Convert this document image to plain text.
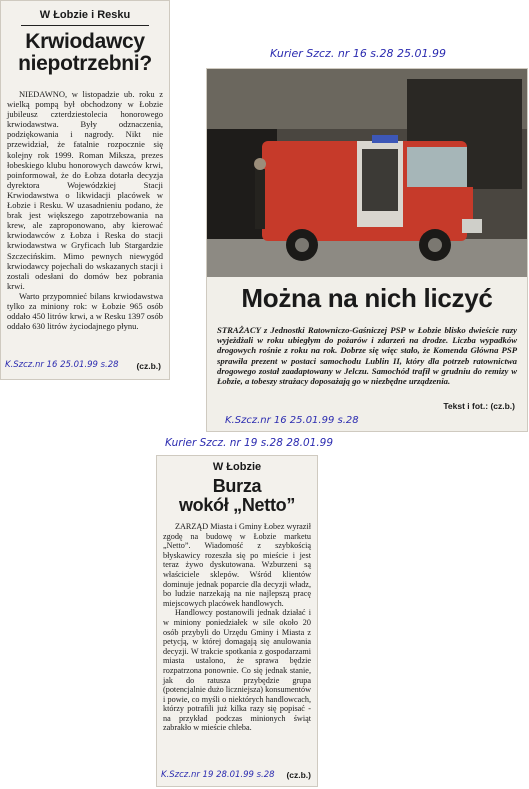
W Łobzie i Resku
Krwiodawcy
niepotrzebni?

NIEDAWNO, w listopadzie ub. roku z wielką pompą był obchodzony w Łobzie jubileusz czterdziestolecia honorowego krwiodawstwa. Były odznaczenia, podziękowania i nagrody. Nikt nie przewidział, że fatalnie rozpocznie się kolejny rok 1999. Roman Miksza, prezes łobeskiego klubu honorowych dawców krwi, poinformował, że do Łobza dotarła decyzja dyrektora Wojewódzkiej Stacji Krwiodawstwa o likwidacji placówek w Łobzie i Resku. W uzasadnieniu podano, że brak jest większego zapotrzebowania na krew, ale zaproponowano, aby kierować krwiodawców z Łobza i Reska do stacji krwiodawstwa w Gryficach lub Stargardzie Szczecińskim. Mimo pewnych niewygód krwiodawcy pojechali do wskazanych stacji i zostali odesłani do domów bez pobrania krwi.

Warto przypomnieć bilans krwiodawstwa tylko za miniony rok: w Łobzie 965 osób oddało 450 litrów krwi, a w Resku 1397 osób oddało 630 litrów życiodajnego płynu.

K.Szcz.nr 16 25.01.99 s.28 (cz.b.)
Kurier Szcz. nr 16 s.28 25.01.99
Można na nich liczyć
STRAŻACY z Jednostki Ratowniczo-Gaśniczej PSP w Łobzie blisko dwieście razy wyjeżdżali w roku ubiegłym do pożarów i zdarzeń na drodze. Liczba wypadków drogowych rośnie z roku na rok. Dobrze się więc stało, że Komenda Główna PSP sprawiła prezent w postaci samochodu Lublin II, który dla potrzeb ratownictwa drogowego został zaadaptowany w Jelczu. Samochód trafił w grudniu do remizy w Łobzie, a tobeszy strażacy doposażają go w niezbędne urządzenia.
Tekst i fot.: (cz.b.)
K.Szcz.nr 16 25.01.99 s.28
Kurier Szcz. nr 19 s.28 28.01.99
W Łobzie
Burza
wokół „Netto”

ZARZĄD Miasta i Gminy Łobez wyraził zgodę na budowę w Łobzie marketu „Netto”. Wiadomość z szybkością błyskawicy rozeszła się po mieście i jest teraz żywo dyskutowana. Wzburzeni są właściciele sklepów. Wśród klientów dominuje jednak poparcie dla decyzji władz, bo ludzie narzekają na nie najlepszą pracę miejscowych placówek handlowych.

Handlowcy postanowili jednak działać i w miniony poniedziałek w sile około 20 osób przybyli do Urzędu Gminy i Miasta z petycją, w której domagają się anulowania decyzji. W trakcie spotkania z gospodarzami miasta ustalono, że sprawa będzie rozpatrzona ponownie. Co się jednak stanie, jak do ratusza przybędzie grupa (potencjalnie dużo liczniejsza) konsumentów i powie, co myśli o niektórych handlowcach, którzy potrafili już kilka razy się popisać - na przykład podczas minionych świąt zabrakło w mieście chleba.

K.Szcz.nr 19 28.01.99 s.28 (cz.b.)
